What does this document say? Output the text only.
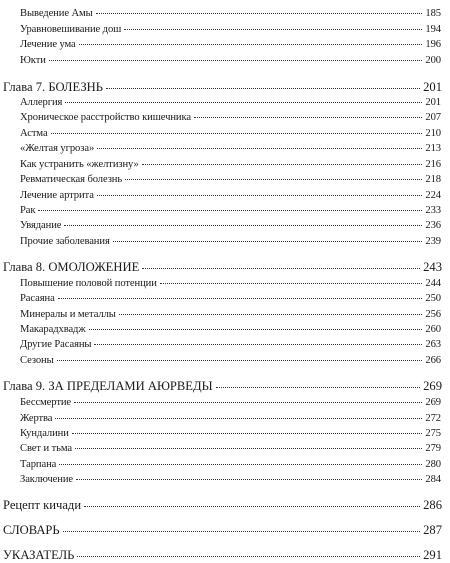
Выведение Амы	185
Уравновешивание дош	194
Лечение ума	196
Юкти	200
Глава 7. БОЛЕЗНЬ	201
Аллергия	201
Хроническое расстройство кишечника	207
Астма	210
«Желтая угроза»	213
Как устранить «желтизну»	216
Ревматическая болезнь	218
Лечение артрита	224
Рак	233
Увядание	236
Прочие заболевания	239
Глава 8. ОМОЛОЖЕНИЕ	243
Повышение половой потенции	244
Расаяна	250
Минералы и металлы	256
Макарадхвадж	260
Другие Расаяны	263
Сезоны	266
Глава 9. ЗА ПРЕДЕЛАМИ АЮРВЕДЫ	269
Бессмертие	269
Жертва	272
Кундалини	275
Свет и тьма	279
Тарпана	280
Заключение	284
Рецепт кичади	286
СЛОВАРЬ	287
УКАЗАТЕЛЬ	291
